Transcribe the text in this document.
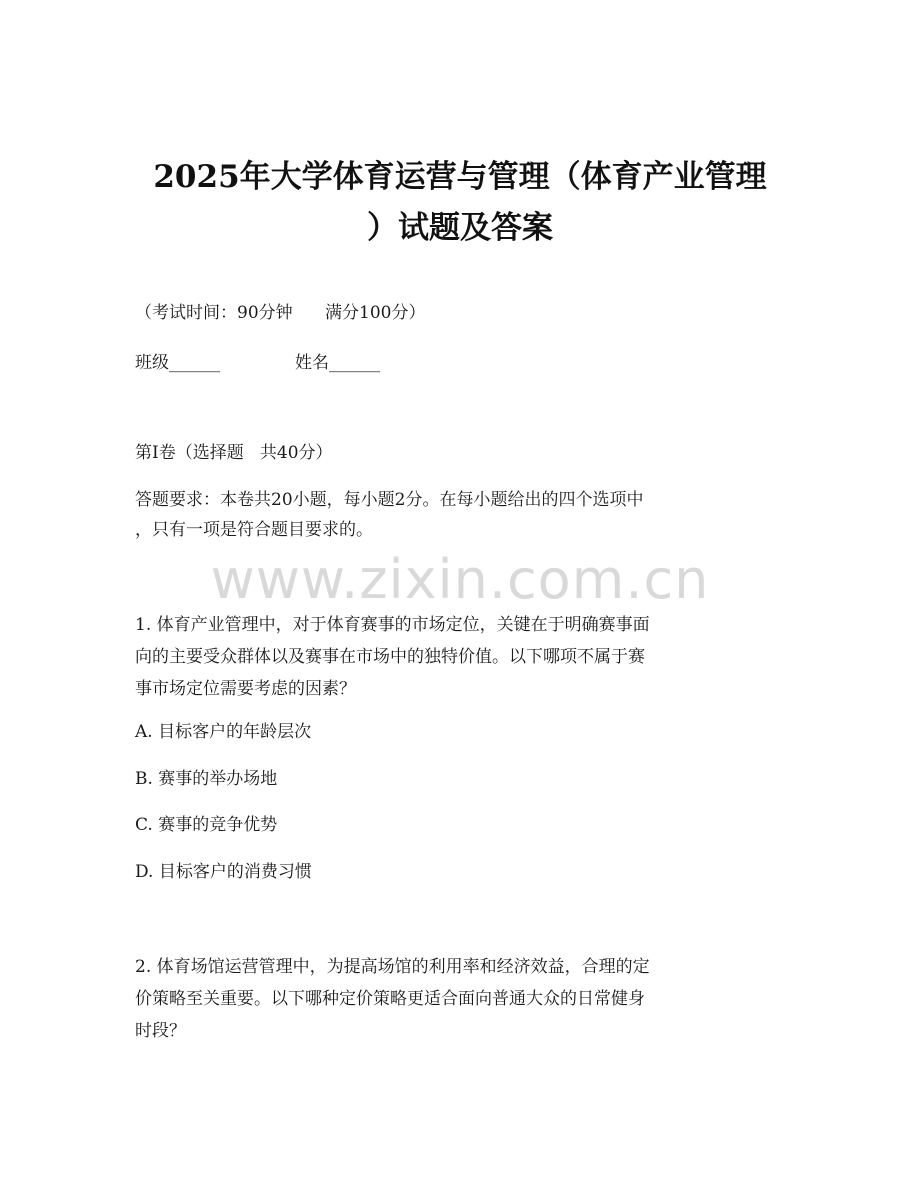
2025年大学体育运营与管理（体育产业管理
）试题及答案
（考试时间：90分钟      满分100分）
班级______	姓名______
第I卷（选择题   共40分）
答题要求：本卷共20小题，每小题2分。在每小题给出的四个选项中
，只有一项是符合题目要求的。
www.zixin.com.cn
1. 体育产业管理中，对于体育赛事的市场定位，关键在于明确赛事面
向的主要受众群体以及赛事在市场中的独特价值。以下哪项不属于赛
事市场定位需要考虑的因素？
A. 目标客户的年龄层次
B. 赛事的举办场地
C. 赛事的竞争优势
D. 目标客户的消费习惯
2. 体育场馆运营管理中，为提高场馆的利用率和经济效益，合理的定
价策略至关重要。以下哪种定价策略更适合面向普通大众的日常健身
时段？
